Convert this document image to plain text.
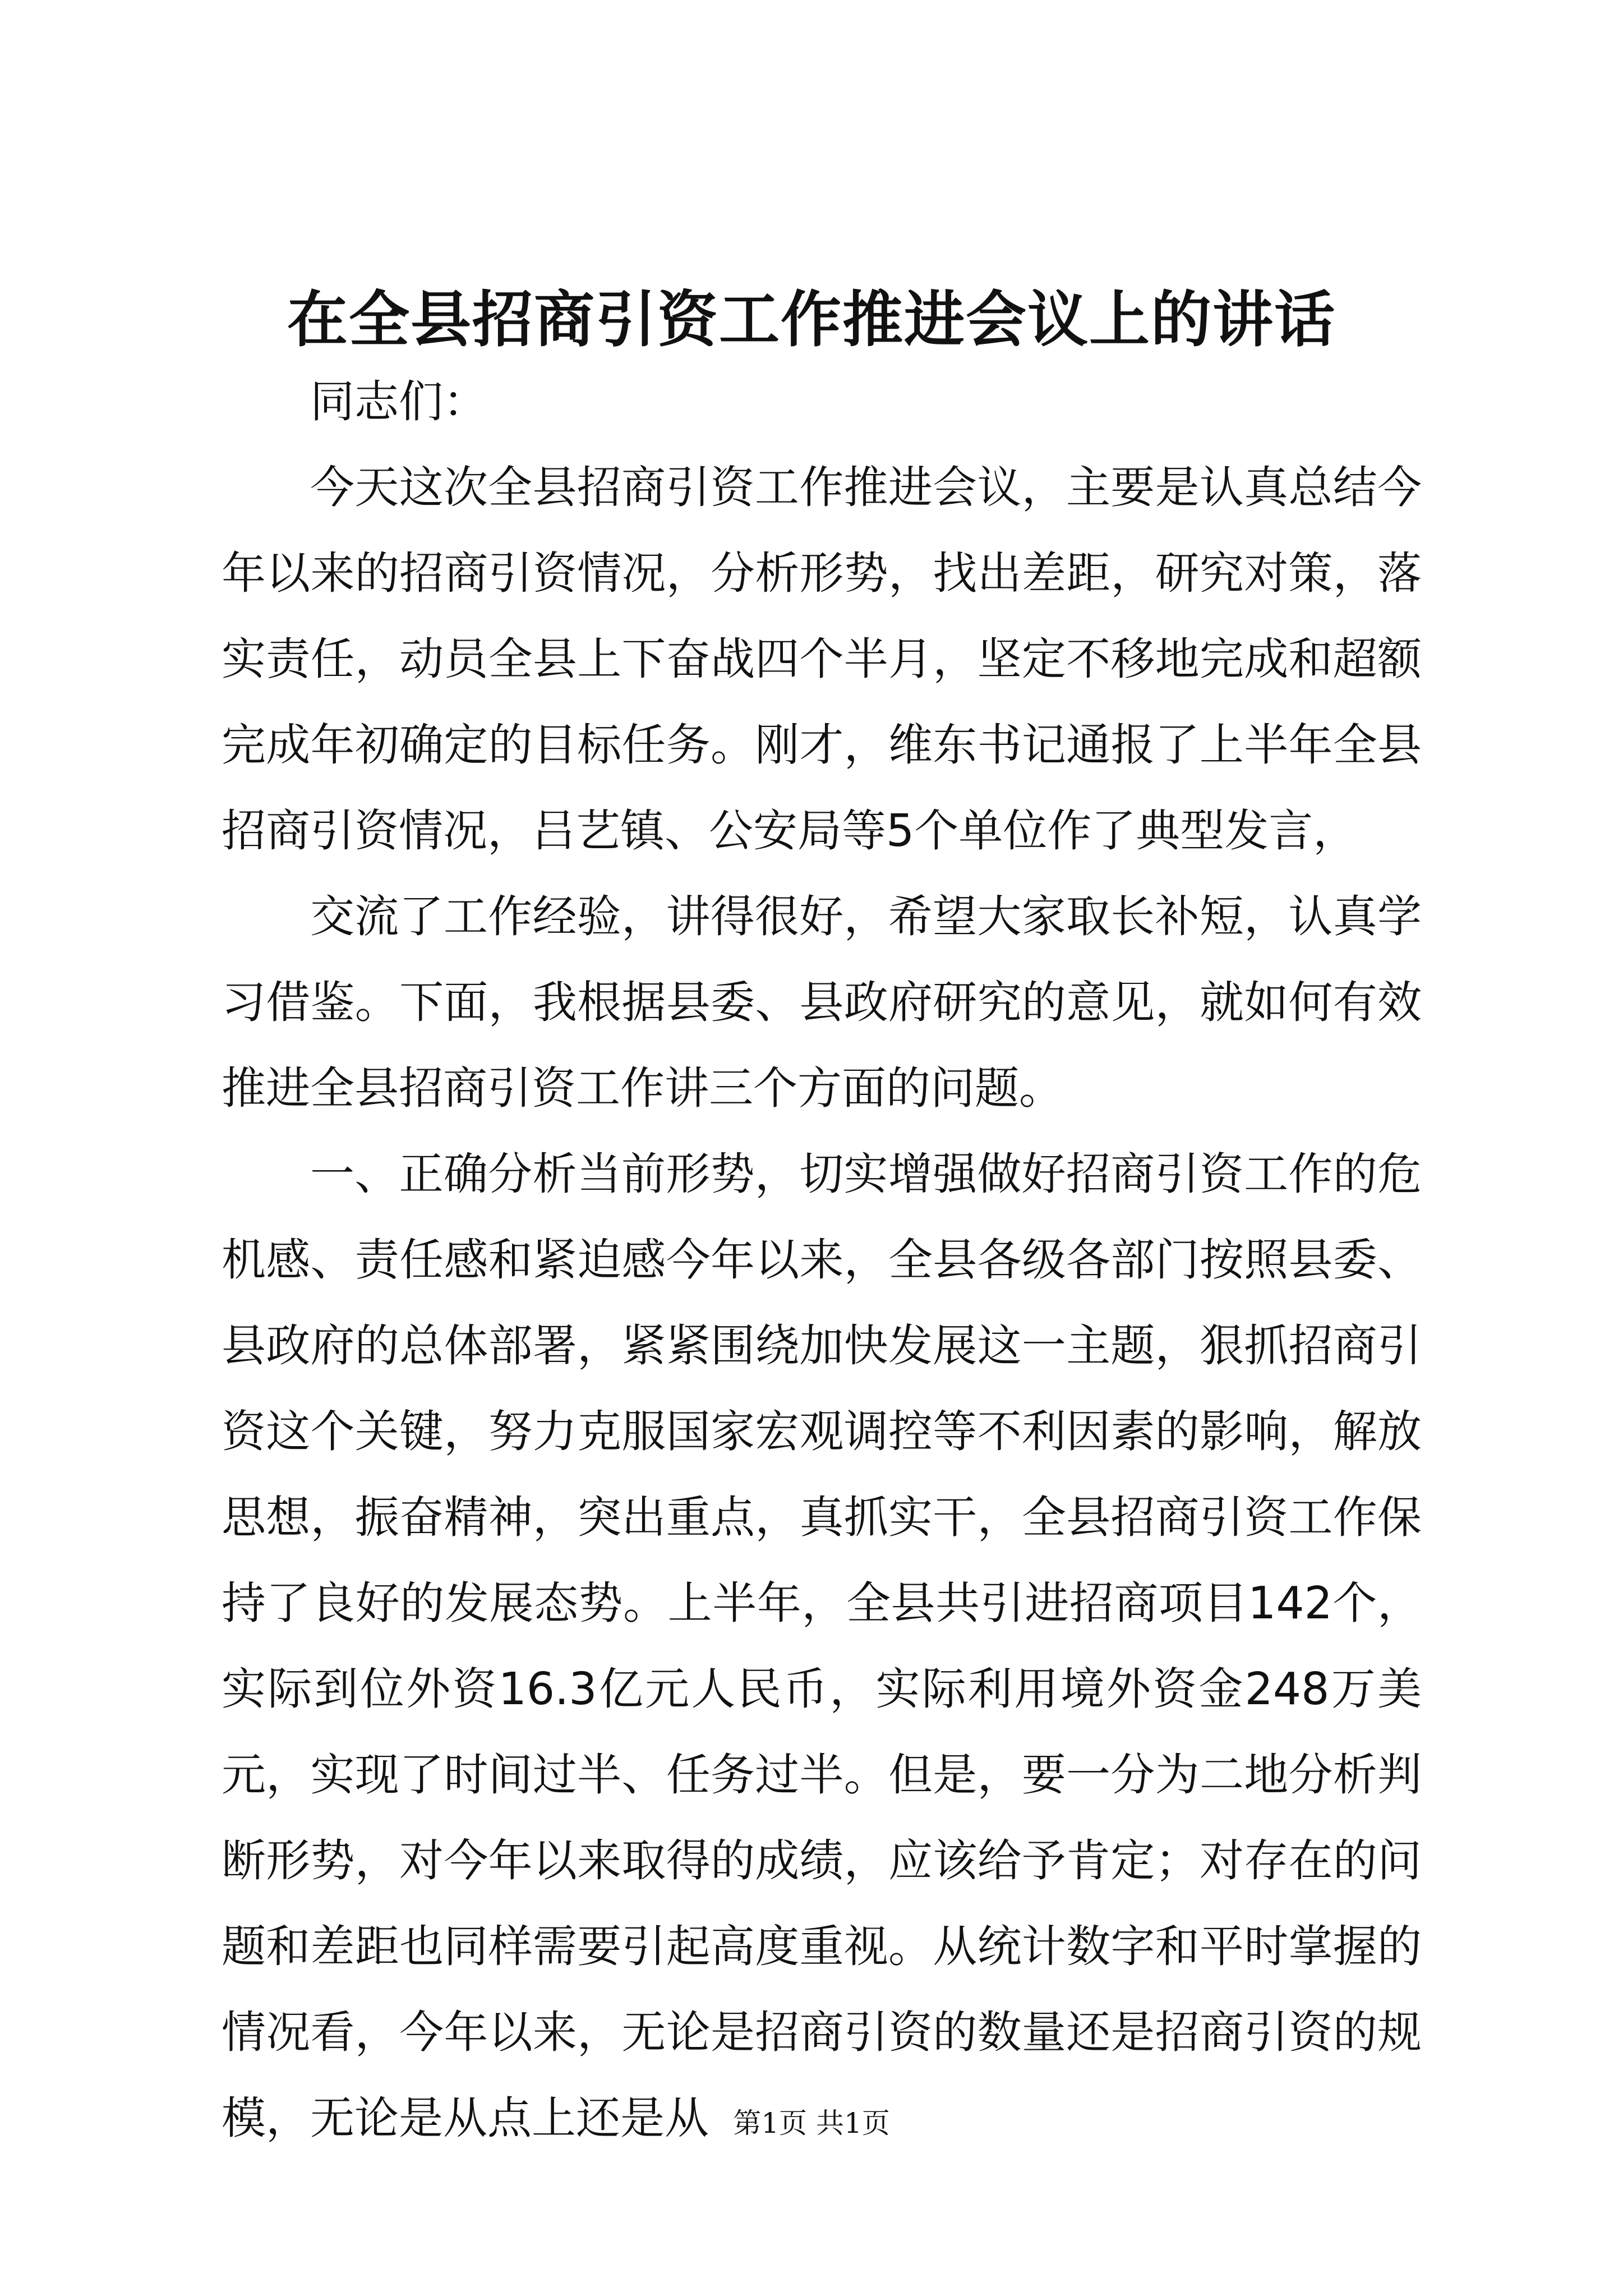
在全县招商引资工作推进会议上的讲话

同志们：

今天这次全县招商引资工作推进会议，主要是认真总结今年以来的招商引资情况，分析形势，找出差距，研究对策，落实责任，动员全县上下奋战四个半月，坚定不移地完成和超额完成年初确定的目标任务。刚才，维东书记通报了上半年全县招商引资情况，吕艺镇、公安局等5个单位作了典型发言，

交流了工作经验，讲得很好，希望大家取长补短，认真学习借鉴。下面，我根据县委、县政府研究的意见，就如何有效推进全县招商引资工作讲三个方面的问题。

一、正确分析当前形势，切实增强做好招商引资工作的危机感、责任感和紧迫感今年以来，全县各级各部门按照县委、县政府的总体部署，紧紧围绕加快发展这一主题，狠抓招商引资这个关键，努力克服国家宏观调控等不利因素的影响，解放思想，振奋精神，突出重点，真抓实干，全县招商引资工作保持了良好的发展态势。上半年，全县共引进招商项目142个，实际到位外资16.3亿元人民币，实际利用境外资金248万美元，实现了时间过半、任务过半。但是，要一分为二地分析判断形势，对今年以来取得的成绩，应该给予肯定；对存在的问题和差距也同样需要引起高度重视。从统计数字和平时掌握的情况看，今年以来，无论是招商引资的数量还是招商引资的规模，无论是从点上还是从 第1页 共1页
